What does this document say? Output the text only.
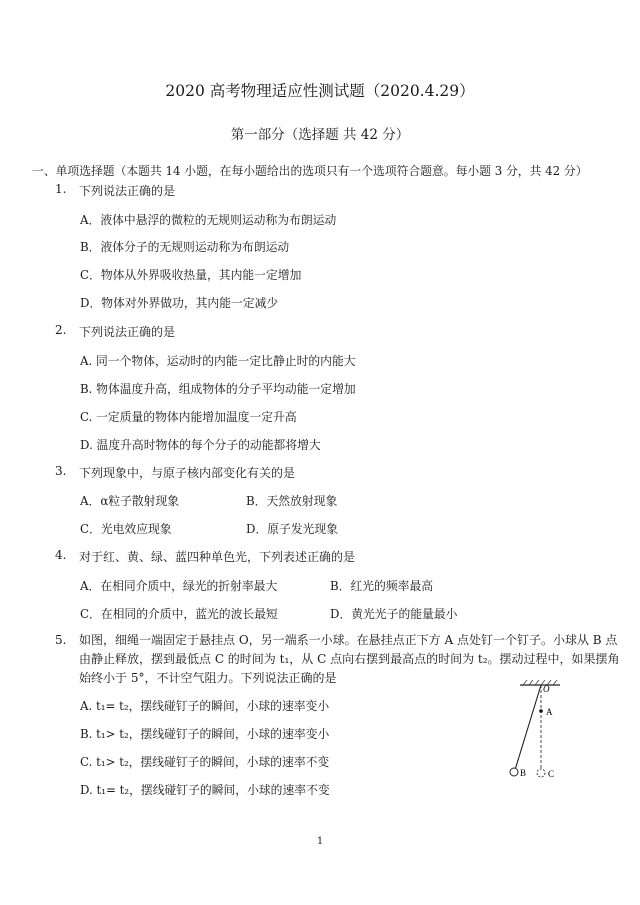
2020 高考物理适应性测试题（2020.4.29）
第一部分（选择题 共 42 分）
一、单项选择题（本题共 14 小题，在每小题给出的选项只有一个选项符合题意。每小题 3 分，共 42 分）
1. 下列说法正确的是
A．液体中悬浮的微粒的无规则运动称为布朗运动
B．液体分子的无规则运动称为布朗运动
C．物体从外界吸收热量，其内能一定增加
D．物体对外界做功，其内能一定减少
2. 下列说法正确的是
A. 同一个物体，运动时的内能一定比静止时的内能大
B. 物体温度升高，组成物体的分子平均动能一定增加
C. 一定质量的物体内能增加温度一定升高
D. 温度升高时物体的每个分子的动能都将增大
3. 下列现象中，与原子核内部变化有关的是
A．α粒子散射现象	B．天然放射现象
C．光电效应现象	D．原子发光现象
4. 对于红、黄、绿、蓝四种单色光，下列表述正确的是
A．在相同介质中，绿光的折射率最大	B．红光的频率最高
C．在相同的介质中，蓝光的波长最短	D．黄光光子的能量最小
5. 如图，细绳一端固定于悬挂点 O，另一端系一小球。在悬挂点正下方 A 点处钉一个钉子。小球从 B 点
由静止释放，摆到最低点 C 的时间为 t₁，从 C 点向右摆到最高点的时间为 t₂。摆动过程中，如果摆角
始终小于 5°，不计空气阻力。下列说法正确的是
A. t₁= t₂，摆线碰钉子的瞬间，小球的速率变小
B. t₁> t₂，摆线碰钉子的瞬间，小球的速率变小
C. t₁> t₂，摆线碰钉子的瞬间，小球的速率不变
D. t₁= t₂，摆线碰钉子的瞬间，小球的速率不变
O
A
B C
1
